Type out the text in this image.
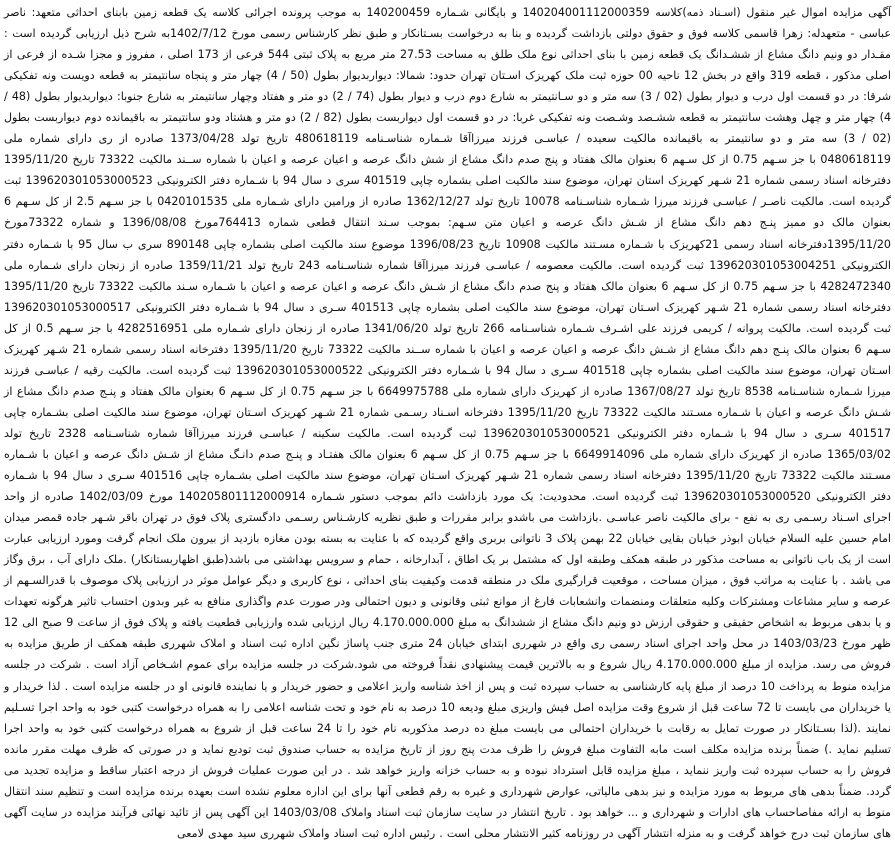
آگهی مزایده اموال غیر منقول (اسـناد ذمه)کلاسه 140204001112000359 و بایگانی شـماره 140200459 به موجب پرونده اجرائی کلاسه یک قطعه زمین بابنای احداثی متعهد: ناصر عباسی - متعهدله: زهرا قاسمی کلاسه فوق و حقوق دولتی بازداشت گردیده و بنا به درخواست بسـتانکار و طبق نظر کارشناس رسمی مورخ 1402/7/12به شرح ذیل ارزیابی گردیده است : مقـدار دو ونیم دانگ مشاع از ششـدانگ یک قطعه زمین با بنای احداثی نوع ملک طلق به مساحت 27.53 متر مربع به پلاک ثبتی 544 فرعی از 173 اصلی ، مفروز و مجزا شـده از فرعی از اصلی مذکور ، قطعه 319 واقع در بخش 12 ناحیه 00 حوزه ثبت ملک کهریزک اسـتان تهران حدود: شمالا: دیواربدیوار بطول (50 / 4) چهار متر و پنجاه سانتیمتر به قطعه دویست ونه تفکیکی شرقا: در دو قسمت اول درب و دیوار بطول (02 / 3) سه متر و دو سـانتیمتر به شارع دوم درب و دیوار بطول (74 / 2) دو متر و هفتاد وچهار سانتیمتر به شارع جنوبا: دیواربدیوار بطول (48 / 4) چهار متر و چهل وهشت سانتیمتر به قطعه ششـصد وشـصت ونه تفکیکی غربا: در دو قسمت اول دیواربست بطول (82 / 2) دو متر و هشتاد ودو سانتیمتر به باقیمانده دوم دیواربست بطول (02 / 3) سه متر و دو سانتیمتر به باقیمانده مالکیت سعیده / عباسـی فرزند میرزاآقا شـماره شناسـنامه 480618119 تاریخ تولد 1373/04/28 صادره از ری دارای شماره ملی 0480618119 با جز سـهم 0.75 از کل سـهم 6 بعنوان مالک هفتاد و پنج صدم دانگ مشاع از شش دانگ عرصه و اعیان عرصه و اعیان با شماره ســند مالکیت 73322 تاریخ 1395/11/20 دفترخانه اسناد رسمی شماره 21 شـهر کهریزک استان تهران، موضوع سند مالکیت اصلی بشماره چاپی 401519 سری د سال 94 با شـماره دفتر الکترونیکی 139620301053000523 ثبت گردیده است. مالکیت ناصـر / عباسـی فرزند میرزا شـماره شناسـنامه 10078 تاریخ تولد 1362/12/27 صادره از ورامین دارای شـماره ملی 0420101535 با جز سـهم 2.5 از کل سـهم 6 بعنوان مالک دو ممیز پنـج دهم دانگ مشاع از شـش دانگ عرصه و اعیان متن سـهم: بموجب سـند انتقال قطعی شماره 764413مورخ 1396/08/08 و شماره 73322مورخ 1395/11/20دفترخانه اسناد رسمی 21کهریزک با شـماره مسـتند مالکیت 10908 تاریخ 1396/08/23 موضوع سند مالکیت اصلی بشماره چاپی 890148 سری ب سال 95 با شـماره دفتر الکترونیکی 139620301053004251 ثبت گردیده است. مالکیت معصومه / عباسـی فرزند میرزاآقا شماره شناسـنامه 243 تاریخ تولد 1359/11/21 صادره از زنجان دارای شـماره ملی 4282472340 با جز سـهم 0.75 از کل سـهم 6 بعنوان مالک هفتاد و پنج صدم دانگ مشاع از شـش دانگ عرصه و اعیان عرصه و اعیان با شـماره سـند مالکیت 73322 تاریخ 1395/11/20 دفترخانه اسناد رسمی شماره 21 شـهر کهریزک اسـتان تهران، موضوع سند مالکیت اصلی بشماره چاپی 401513 سـری د سال 94 با شـماره دفتر الکترونیکی 139620301053000517 ثبت گردیده است. مالکیت پروانه / کریمی فرزند علی اشـرف شـماره شناسـنامه 266 تاریخ تولد 1341/06/20 صادره از زنجان دارای شـماره ملی 4282516951 با جز سـهم 0.5 از کل سـهم 6 بعنوان مالک پنـج دهم دانگ مشاع از شـش دانگ عرصه و اعیان عرصه و اعیان با شماره ســند مالکیت 73322 تاریخ 1395/11/20 دفترخانه اسناد رسمی شماره 21 شـهر کهریزک اسـتان تهران، موضوع سند مالکیت اصلی بشماره چاپی 401518 سـری د سال 94 با شـماره دفتر الکترونیکی 139620301053000522 ثبت گردیده است. مالکیت رقیه / عباسـی فرزند میرزا شـماره شناسـنامه 8538 تاریخ تولد 1367/08/27 صادره از کهریزک دارای شماره ملی 6649975788 با جز سـهم 0.75 از کل سـهم 6 بعنوان مالک هفتاد و پنـج صدم دانگ مشاع از شـش دانگ عرصه و اعیان با شـماره مسـتند مالکیت 73322 تاریخ 1395/11/20 دفترخانه اسـناد رسـمی شماره 21 شـهر کهریزک اسـتان تهران، موضوع سند مالکیت اصلی بشـماره چاپی 401517 سـری د سال 94 با شـماره دفتر الکترونیکی 139620301053000521 ثبت گردیده است. مالکیت سکینه / عباسـی فرزند میرزاآقا شماره شناسـنامه 2328 تاریخ تولد 1365/03/02 صادره از کهریزک دارای شماره ملی 6649914096 با جز سـهم 0.75 از کل سـهم 6 بعنوان مالک هفتـاد و پنـج صدم دانـگ مشاع از شـش دانگ عرصه و اعیان با شـماره مسـتند مالکیت 73322 تاریخ 1395/11/20 دفترخانه اسناد رسمی شماره 21 شـهر کهریزک اسـتان تهران، موضوع سند مالکیت اصلی بشـماره چاپی 401516 سـری د سال 94 با شـماره دفتر الکترونیکی 139620301053000520 ثبت گردیده است. محدودیت: یک مورد بازداشت دائم بموجب دستور شـماره 140205801112000914 مورخ 1402/03/09 صادره از واحد اجرای اسـناد رسـمی ری به نفع - برای مالکیت ناصر عباسـی .بازداشت می باشدو برابر مقررات و طبق نظریه کارشـناس رسـمی دادگستری پلاک فوق در تهران باقر شـهر جاده قمصر میدان امام حسین علیه السلام خیابان ابوذر خیابان بقایی خیابان 22 بهمن پلاک 3 ناتوانی بربری واقع گردیده که با عنایت به بسته بودن مغازه بازدید از بیرون ملک انجام گرفت ومورد ارزیابی عبارت است از یک باب ناتوانی به مساحت مذکور در طبقه همکف وطبقه اول که مشتمل بر یک اطاق ، آبدارخانه ، حمام و سرویس بهداشتی می باشد(طبق اظهاربستانکار) .ملک دارای آب ، برق وگاز می باشد . با عنایت به مراتب فوق ، میزان مساحت ، موقعیت قرارگیری ملک در منطقه قدمت وکیفیت بنای احداثی ، نوع کاربری و دیگر عوامل موثر در ارزیابی پلاک موصوف با قدرالسـهم از عرصه و سایر مشاعات ومشترکات وکلیه متعلقات ومنضمات وانشعابات فارغ از موانع ثبتی وقانونی و دیون احتمالی ودر صورت عدم واگذاری منافع به غیر وبدون احتساب تاثیر هرگونه تعهدات و یا بدهی مربوط به اشخاص حقیقی و حقوقی ارزش دو ونیم دانگ مشاع از ششدانگ به مبلغ 4.170.000.000 ریال ارزیابی شده وارزیابی قطعیت یافته و پلاک فوق از ساعت 9 صبح الی 12 ظهر مورخ 1403/03/23 در محل واحد اجرای اسناد رسمی ری واقع در شهرری ابتدای خیابان 24 متری جنب پاساژ نگین اداره ثبت اسناد و املاک شهرری طبقه همکف از طریق مزایده به فروش می رسد. مزایده از مبلغ 4.170.000.000 ریال شروع و به بالاترین قیمت پیشنهادی نقداً فروخته می شود.شرکت در جلسه مزایده برای عموم اشـخاص آزاد است . شرکت در جلسه مزایده منوط به پرداخت 10 درصد از مبلغ پایه کارشناسی به حساب سپرده ثبت و پس از اخذ شناسه واریز اعلامی و حضور خریدار و یا نماینده قانونی او در جلسه مزایده است . لذا خریدار و یا خریداران می بایست تا 72 ساعت قبل از شروع وقت مزایده اصل فیش واریزی مبلغ ودیعه 10 درصد به نام خود و تحت شناسه اعلامی را به همراه درخواست کتبی خود به واحد اجرا تسـلیم نمایند .(لذا بسـتانکار در صورت تمایل به رقابت با خریداران احتمالی می بایست مبلغ ده درصد مذکوربه نام خود را تا 24 ساعت قبل از شروع به همراه درخواست کتبی خود به واحد اجرا تسلیم نماید .) ضمناً برنده مزایده مکلف است مابه التفاوت مبلغ فروش را ظرف مدت پنج روز از تاریخ مزایده به حساب صندوق ثبت تودیع نماید و در صورتی که ظرف مهلت مقرر مانده فروش را به حساب سپرده ثبت واریز ننماید ، مبلغ مزایده قابل استرداد نبوده و به حساب خزانه واریز خواهد شد . در این صورت عملیات فروش از درجه اعتبار ساقط و مزایده تجدید می گردد. ضمناً بدهی های مربوط به مورد مزایده و نیز بدهی مالیاتی، عوارض شهرداری و غیره به رقم قطعی آنها برای این اداره معلوم نشده است بعهده برنده مزایده است و تنظیم سند انتقال منوط به ارائه مفاصاحساب های ادارات و شهرداری و ... خواهد بود . تاریخ انتشار در سایت سازمان ثبت اسناد واملاک 1403/03/08 این آگهی پس از تائید نهائی فرآیند مزایده در سایت آگهی های سازمان ثبت درج خواهد گرفت و به منزله انتشار آگهی در روزنامه کثیر الانتشار محلی است . رئیس اداره ثبت اسناد واملاک شهرری سید مهدی لامعی
